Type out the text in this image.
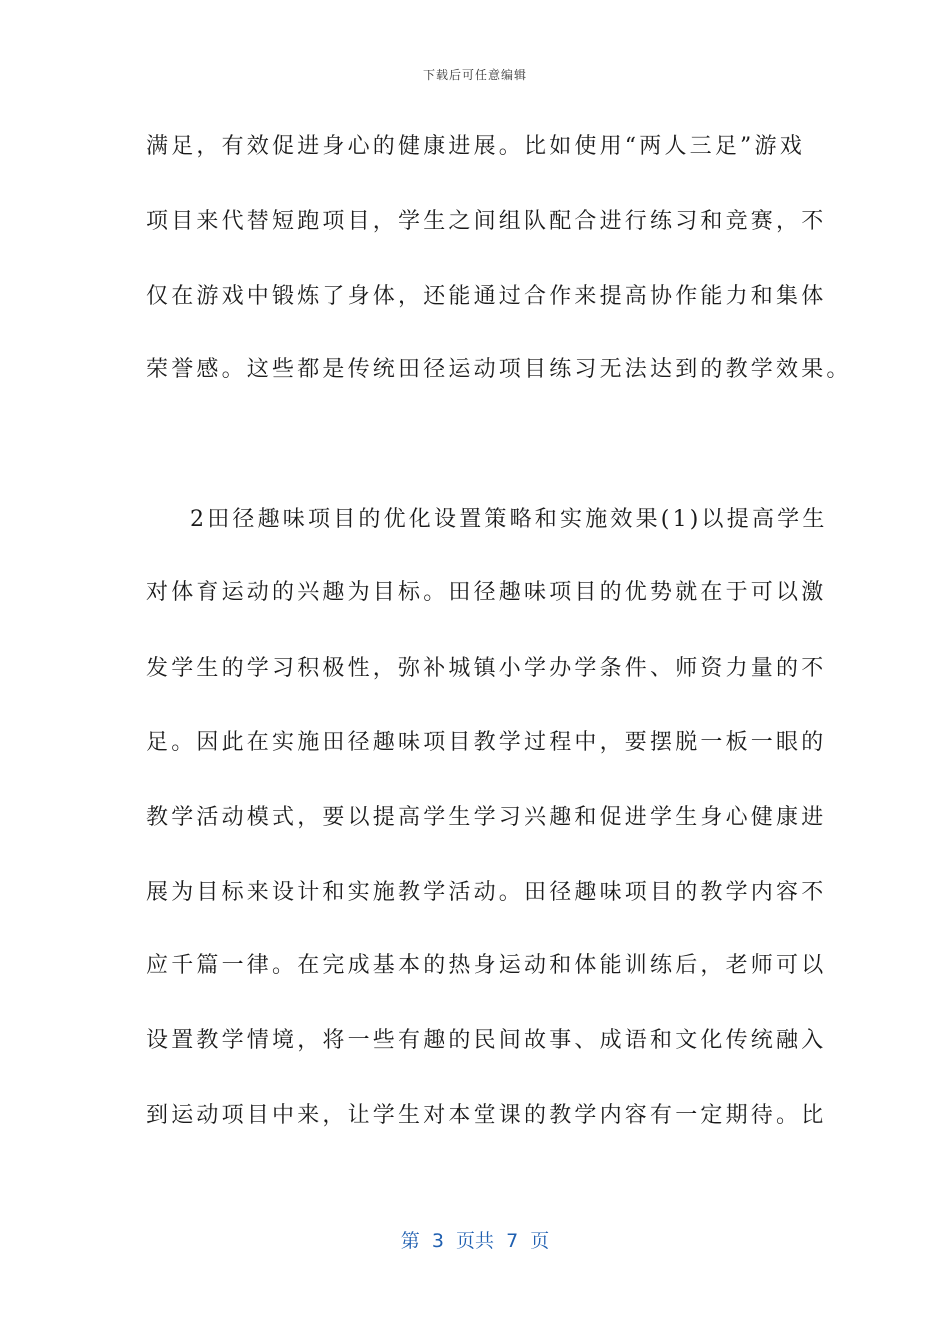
下载后可任意编辑
满足，有效促进身心的健康进展。比如使用“两人三足”游戏
项目来代替短跑项目，学生之间组队配合进行练习和竞赛，不
仅在游戏中锻炼了身体，还能通过合作来提高协作能力和集体
荣誉感。这些都是传统田径运动项目练习无法达到的教学效果。
2田径趣味项目的优化设置策略和实施效果(1)以提高学生
对体育运动的兴趣为目标。田径趣味项目的优势就在于可以激
发学生的学习积极性，弥补城镇小学办学条件、师资力量的不
足。因此在实施田径趣味项目教学过程中，要摆脱一板一眼的
教学活动模式，要以提高学生学习兴趣和促进学生身心健康进
展为目标来设计和实施教学活动。田径趣味项目的教学内容不
应千篇一律。在完成基本的热身运动和体能训练后，老师可以
设置教学情境，将一些有趣的民间故事、成语和文化传统融入
到运动项目中来，让学生对本堂课的教学内容有一定期待。比
第  3  页共  7  页
